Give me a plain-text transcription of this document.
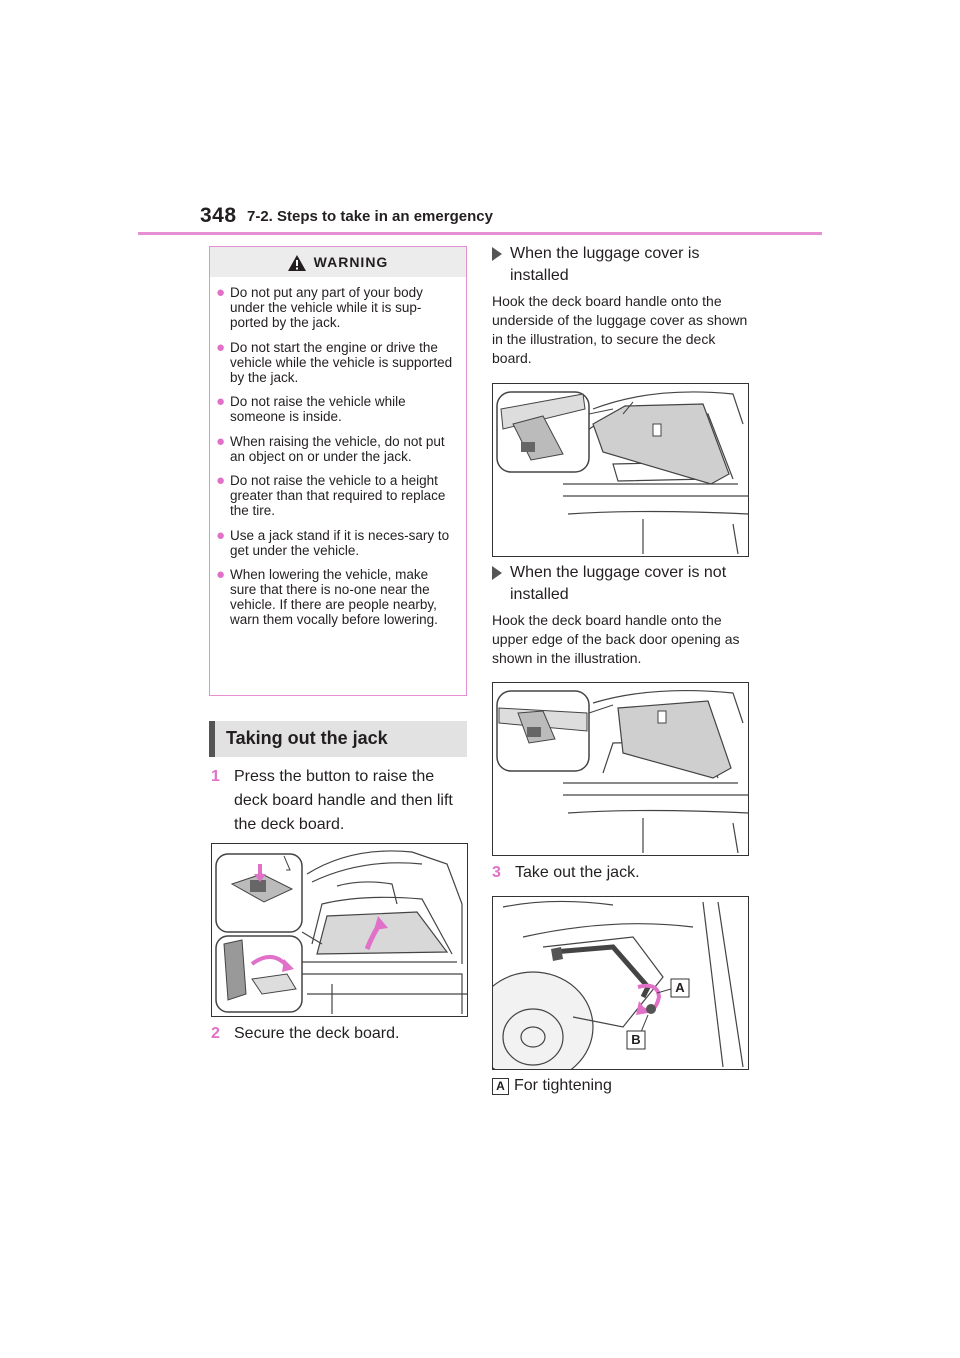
348 7-2. Steps to take in an emergency
WARNING
● Do not put any part of your body under the vehicle while it is sup-ported by the jack.
● Do not start the engine or drive the vehicle while the vehicle is supported by the jack.
● Do not raise the vehicle while someone is inside.
● When raising the vehicle, do not put an object on or under the jack.
● Do not raise the vehicle to a height greater than that required to replace the tire.
● Use a jack stand if it is neces-sary to get under the vehicle.
● When lowering the vehicle, make sure that there is no-one near the vehicle. If there are people nearby, warn them vocally before lowering.
Taking out the jack
1 Press the button to raise the deck board handle and then lift the deck board.
2 Secure the deck board.
When the luggage cover is installed
Hook the deck board handle onto the underside of the luggage cover as shown in the illustration, to secure the deck board.
When the luggage cover is not installed
Hook the deck board handle onto the upper edge of the back door opening as shown in the illustration.
3 Take out the jack.
A
B
A For tightening
